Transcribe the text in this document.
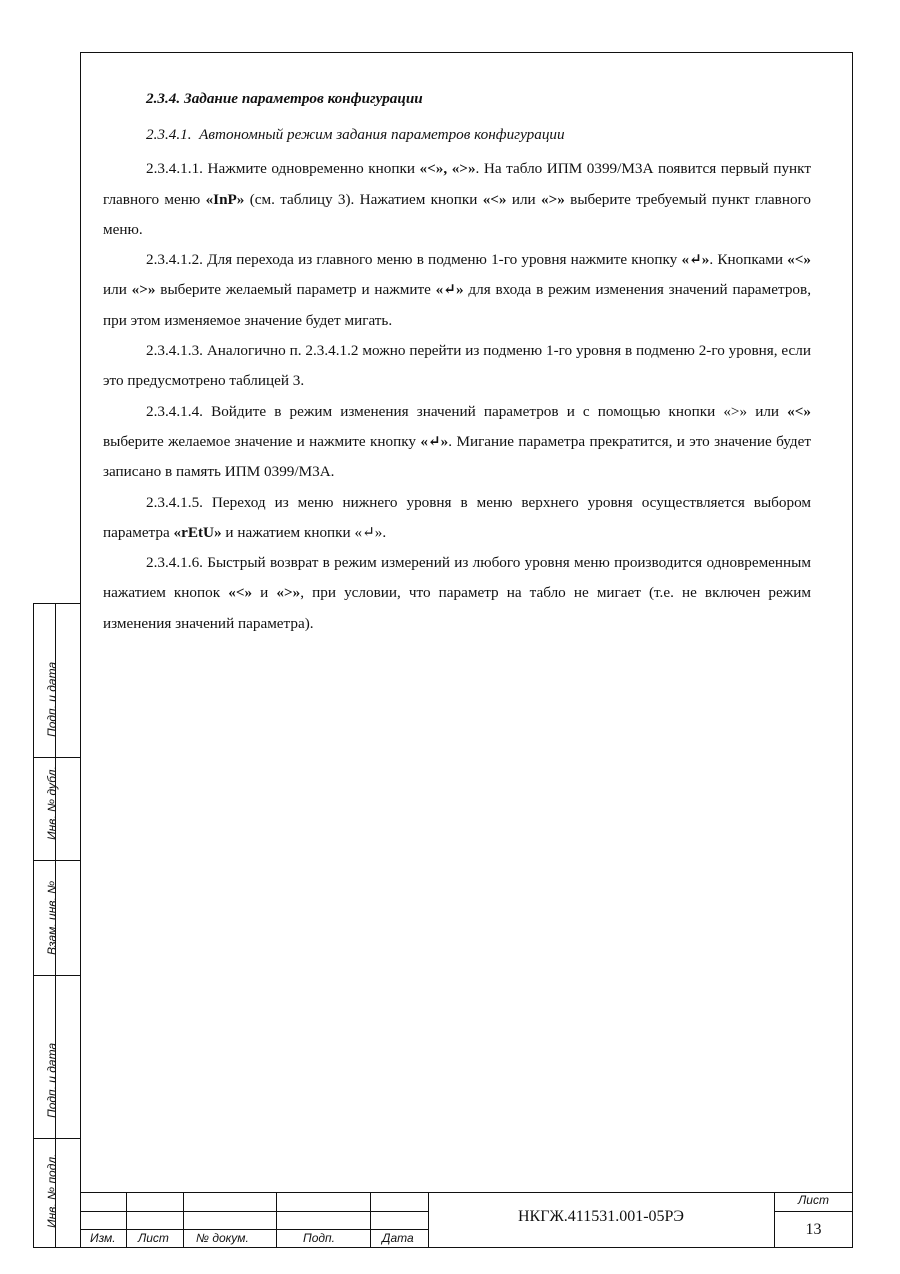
2.3.4. Задание параметров конфигурации

2.3.4.1.  Автономный режим задания параметров конфигурации

2.3.4.1.1. Нажмите одновременно кнопки «<», «>». На табло ИПМ 0399/М3А появится первый пункт главного меню «InP» (см. таблицу 3). Нажатием кнопки «<» или «>» выберите требуемый пункт главного меню.

2.3.4.1.2. Для перехода из главного меню в подменю 1-го уровня нажмите кнопку «↵». Кнопками «<» или «>» выберите желаемый параметр и нажмите «↵» для входа в режим изменения значений параметров, при этом изменяемое значение будет мигать.

2.3.4.1.3. Аналогично п. 2.3.4.1.2 можно перейти из подменю 1-го уровня в подменю 2-го уровня, если это предусмотрено таблицей 3.

2.3.4.1.4. Войдите в режим изменения значений параметров и с помощью кнопки «>» или «<» выберите желаемое значение и нажмите кнопку «↵». Мигание параметра прекратится, и это значение будет записано в память ИПМ 0399/М3А.

2.3.4.1.5. Переход из меню нижнего уровня в меню верхнего уровня осуществляется выбором параметра «rEtU» и нажатием кнопки «↵».

2.3.4.1.6. Быстрый возврат в режим измерений из любого уровня меню производится одновременным нажатием кнопок «<» и «>», при условии, что параметр на табло не мигает (т.е. не включен режим изменения значений параметра).

Подп. и дата
Инв. № дубл.
Взам. инв. №
Подп. и дата
Инв. № подл.
Изм. Лист № докум.	Подп.	Дата
НКГЖ.411531.001-05РЭ
Лист
13
